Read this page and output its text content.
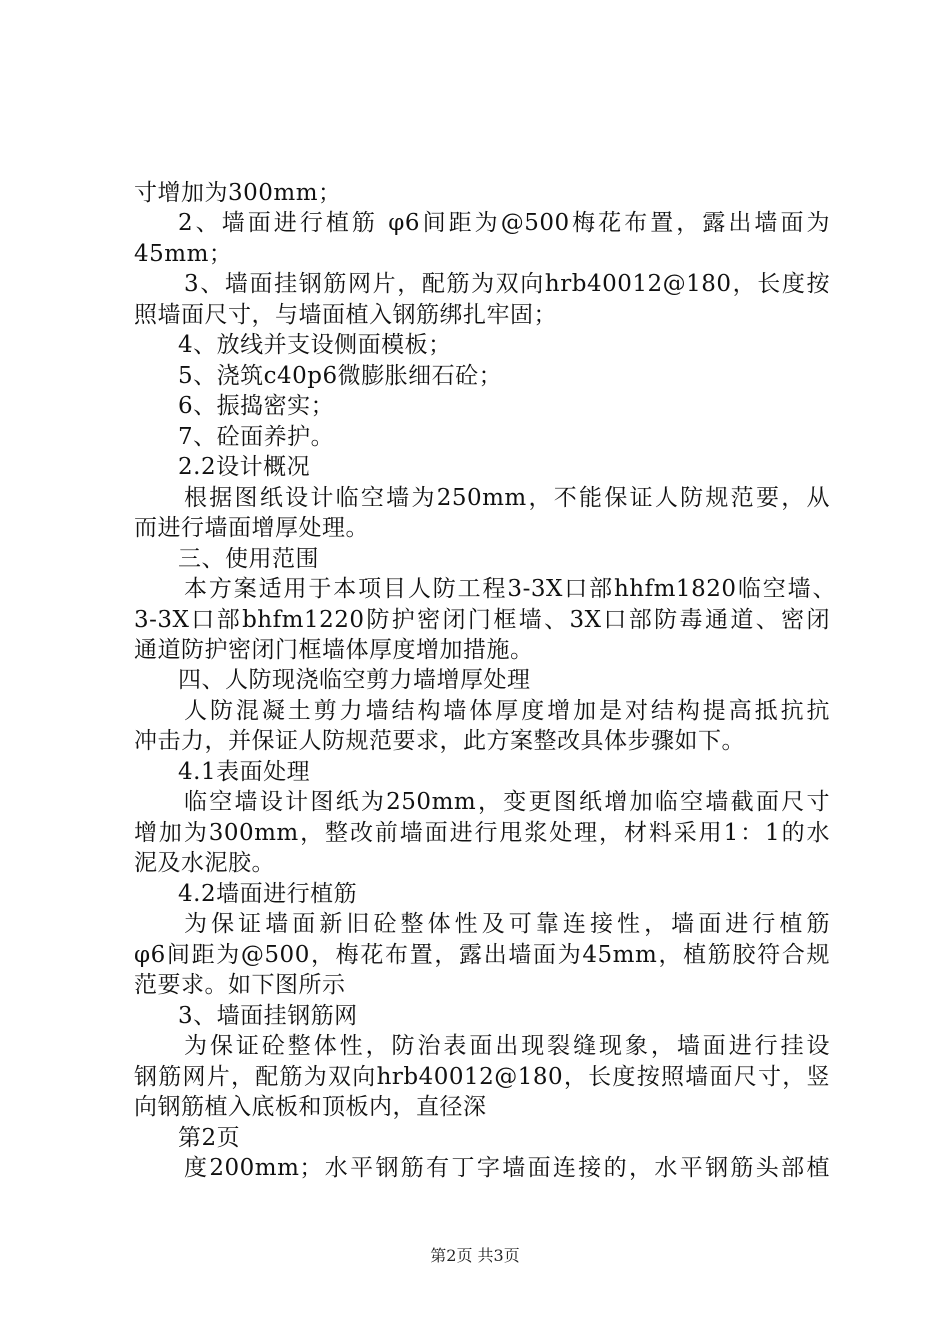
寸增加为300mm；
2、墙面进行植筋 φ6间距为@500梅花布置，露出墙面为
45mm；
3、墙面挂钢筋网片，配筋为双向hrb40012@180，长度按
照墙面尺寸，与墙面植入钢筋绑扎牢固；
4、放线并支设侧面模板；
5、浇筑c40p6微膨胀细石砼；
6、振捣密实；
7、砼面养护。
2.2设计概况
根据图纸设计临空墙为250mm，不能保证人防规范要，从
而进行墙面增厚处理。
三、使用范围
本方案适用于本项目人防工程3-3X口部hhfm1820临空墙、
3-3X口部bhfm1220防护密闭门框墙、3X口部防毒通道、密闭
通道防护密闭门框墙体厚度增加措施。
四、人防现浇临空剪力墙增厚处理
人防混凝土剪力墙结构墙体厚度增加是对结构提高抵抗抗
冲击力，并保证人防规范要求，此方案整改具体步骤如下。
4.1表面处理
临空墙设计图纸为250mm，变更图纸增加临空墙截面尺寸
增加为300mm，整改前墙面进行甩浆处理，材料采用1：1的水
泥及水泥胶。
4.2墙面进行植筋
为保证墙面新旧砼整体性及可靠连接性，墙面进行植筋
φ6间距为@500，梅花布置，露出墙面为45mm，植筋胶符合规
范要求。如下图所示
3、墙面挂钢筋网
为保证砼整体性，防治表面出现裂缝现象，墙面进行挂设
钢筋网片，配筋为双向hrb40012@180，长度按照墙面尺寸，竖
向钢筋植入底板和顶板内，直径深
第2页
度200mm；水平钢筋有丁字墙面连接的，水平钢筋头部植
第2页 共3页
